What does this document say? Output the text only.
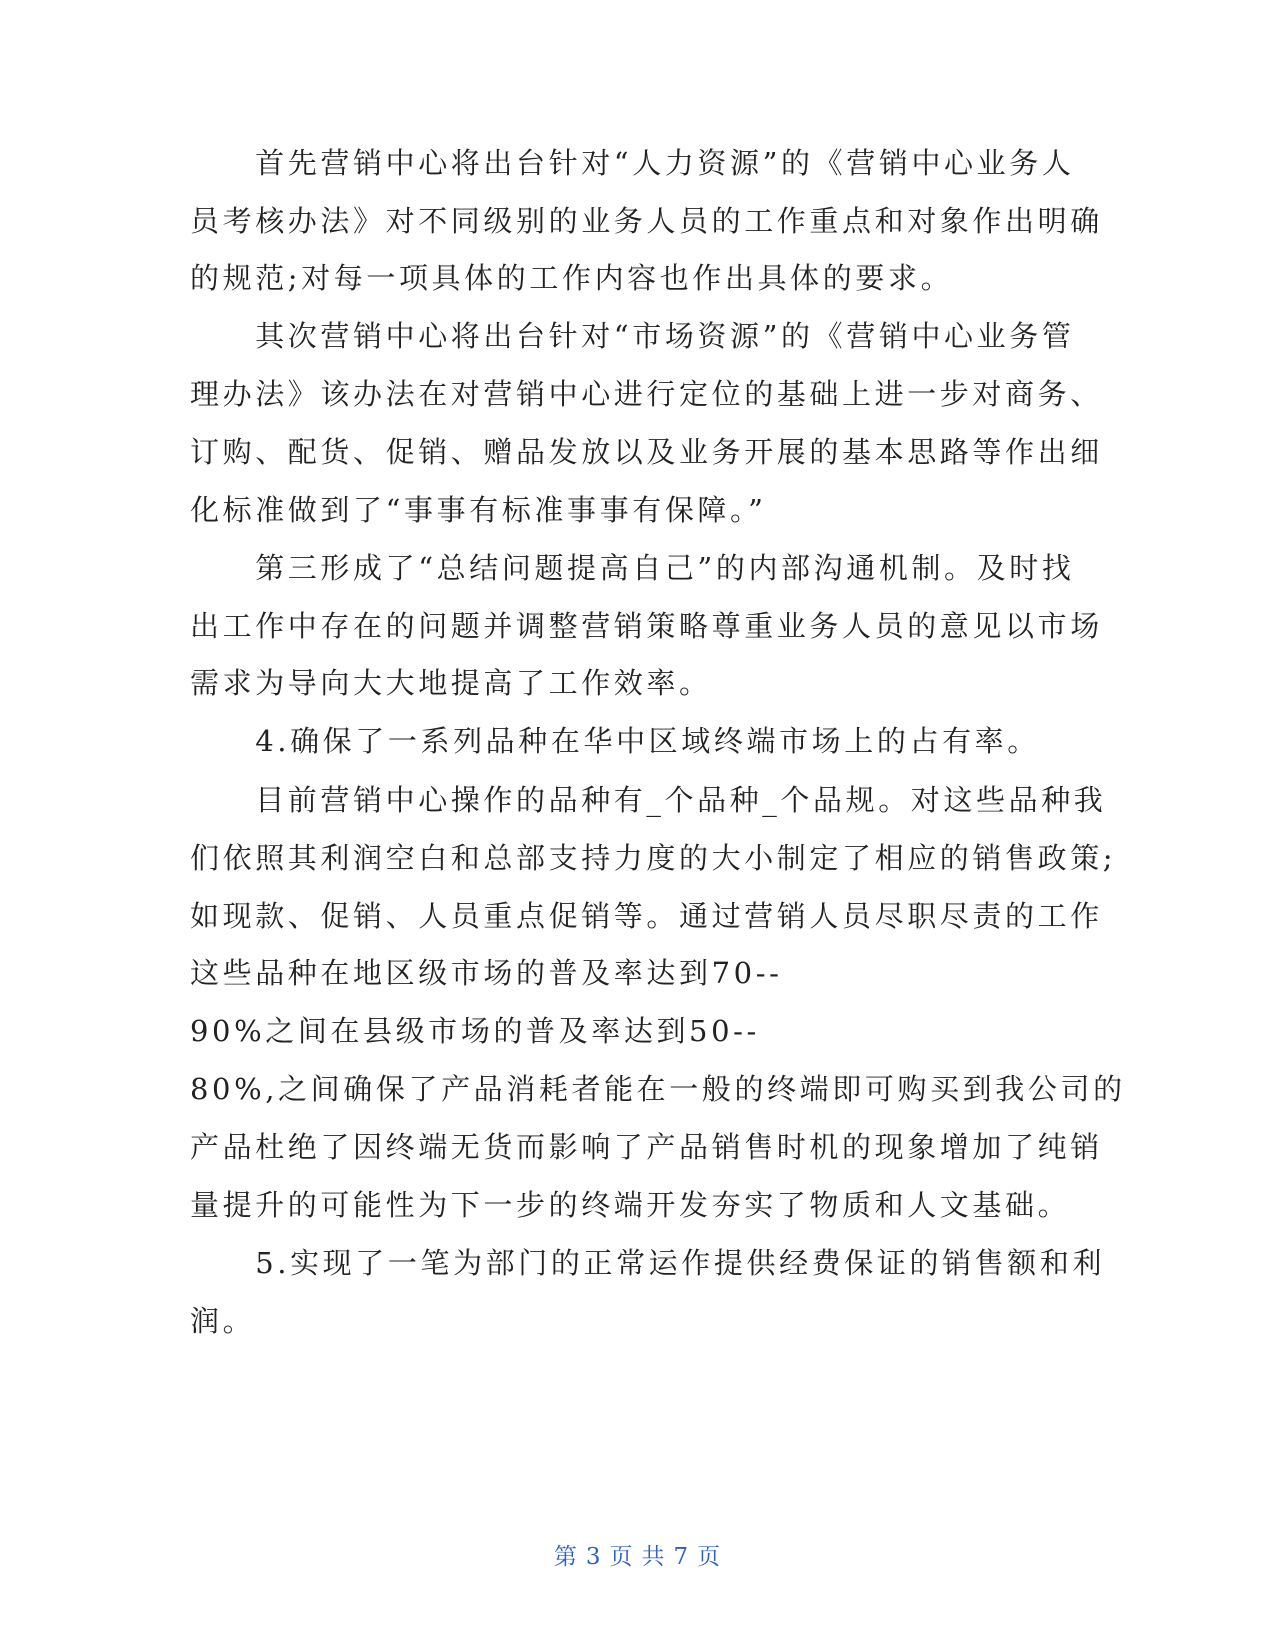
　　首先营销中心将出台针对“人力资源”的《营销中心业务人
员考核办法》对不同级别的业务人员的工作重点和对象作出明确
的规范;对每一项具体的工作内容也作出具体的要求。
　　其次营销中心将出台针对“市场资源”的《营销中心业务管
理办法》该办法在对营销中心进行定位的基础上进一步对商务、
订购、配货、促销、赠品发放以及业务开展的基本思路等作出细
化标准做到了“事事有标准事事有保障。”
　　第三形成了“总结问题提高自己”的内部沟通机制。及时找
出工作中存在的问题并调整营销策略尊重业务人员的意见以市场
需求为导向大大地提高了工作效率。
　　4.确保了一系列品种在华中区域终端市场上的占有率。
　　目前营销中心操作的品种有_个品种_个品规。对这些品种我
们依照其利润空白和总部支持力度的大小制定了相应的销售政策;
如现款、促销、人员重点促销等。通过营销人员尽职尽责的工作
这些品种在地区级市场的普及率达到70--
90%之间在县级市场的普及率达到50--
80%,之间确保了产品消耗者能在一般的终端即可购买到我公司的
产品杜绝了因终端无货而影响了产品销售时机的现象增加了纯销
量提升的可能性为下一步的终端开发夯实了物质和人文基础。
　　5.实现了一笔为部门的正常运作提供经费保证的销售额和利
润。
第 3 页 共 7 页
